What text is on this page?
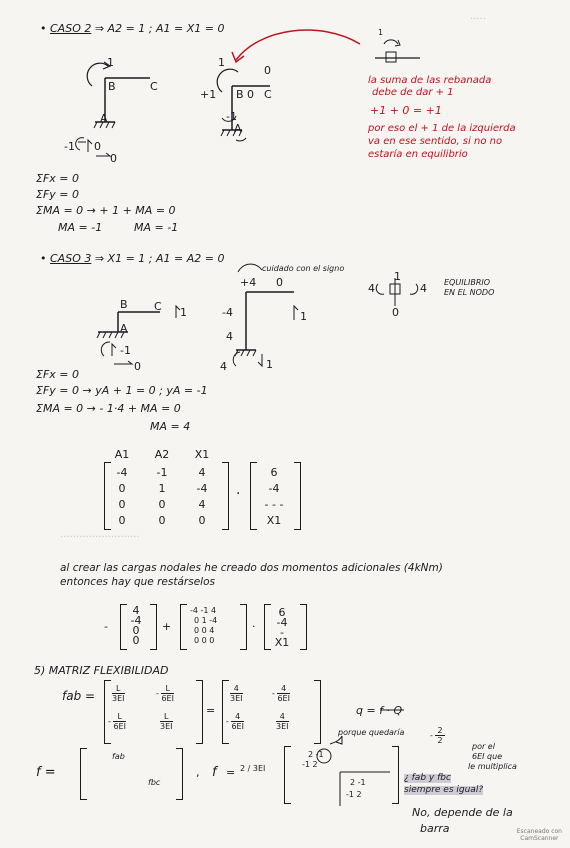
• CASO 2 ⇒ A2 = 1 ; A1 = X1 = 0
·····
1
B	C
A
-1 0
0
1
0
+1 B 0 C
-1
A
1
la suma de las rebanada
debe de dar + 1
+1 + 0 = +1
por eso el + 1 de la izquierda
va en ese sentido, si no no
estaría en equilibrio
ΣFx = 0
ΣFy = 0
ΣMA = 0 → + 1 + MA = 0
MA = -1	MA = -1
• CASO 3 ⇒ X1 = 1 ; A1 = A2 = 0
cuidado con el signo
+4 0
-4	1
4
4	1
B C 1
A
-1
0
4
1
4
0
EQUILIBRIO
EN EL NODO
ΣFx = 0
ΣFy = 0 → yA + 1 = 0 ; yA = -1
ΣMA = 0 → - 1·4 + MA = 0
MA = 4
A1	A2	X1
-4	-1	4
0	1	-4
0	0	4
0	0	0
·
6
-4
- - -
X1
·························
al crear las cargas nodales he creado dos momentos adicionales (4kNm)
entonces hay que restárselos
-
4
-4
0
0
+
-4 -1 4
0 1 -4
0 0 4
0 0 0
·
6
-4
-
X1
5) MATRIZ FLEXIBILIDAD
fab = $\frac{L}{3EI}$	- $\frac{L}{6EI}$
- $\frac{L}{6EI}$	$\frac{L}{3EI}$
=
$\frac{4}{3EI}$	- $\frac{4}{6EI}$
- $\frac{4}{6EI}$	$\frac{4}{3EI}$
q = f · Q
porque quedaría	- $\frac{2}{2}$
por el
6EI que
le multiplica
f =
fab
fbc
, f = 2 / 3EI
2 -1
-1 2
2 -1
-1 2
¿ fab y fbc
siempre es igual?
No, depende de la
barra	Escaneado con
CamScanner
